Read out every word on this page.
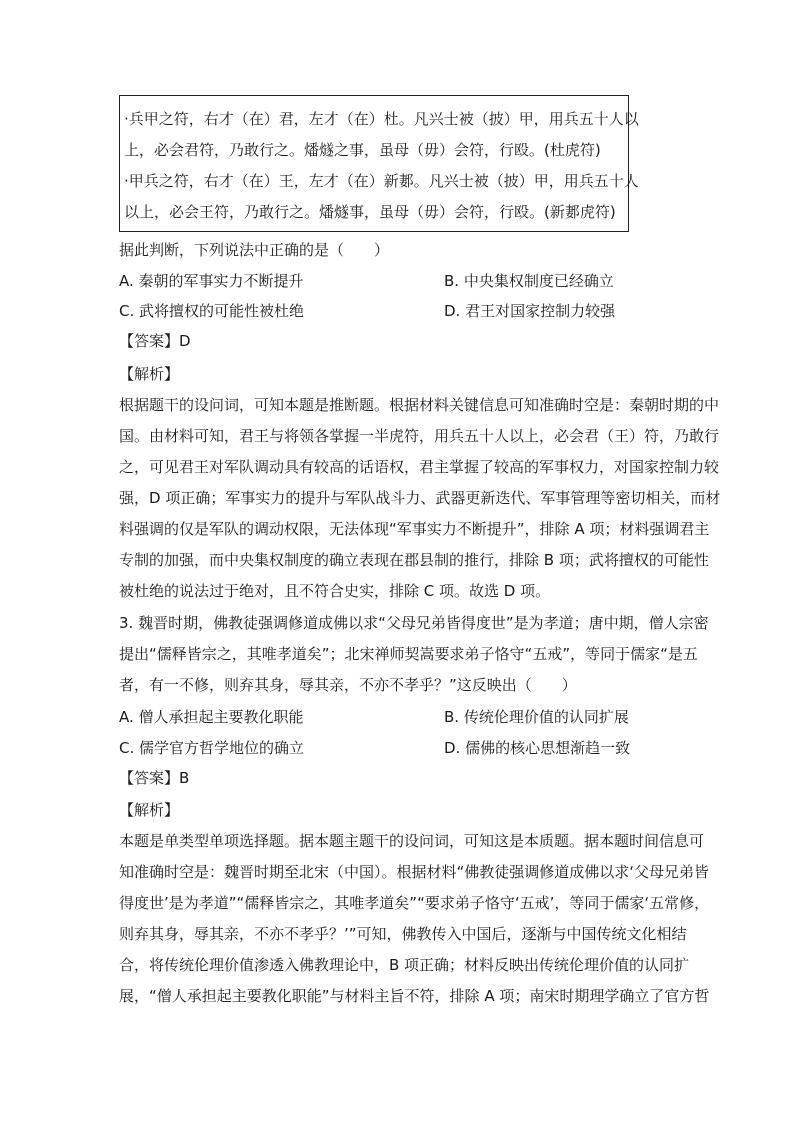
·兵甲之符，右才（在）君，左才（在）杜。凡兴士被（披）甲，用兵五十人以
上，必会君符，乃敢行之。燔燧之事，虽母（毋）会符，行殴。(杜虎符)
·甲兵之符，右才（在）王，左才（在）新郪。凡兴士被（披）甲，用兵五十人
以上，必会王符，乃敢行之。燔燧事，虽母（毋）会符，行殴。(新郪虎符)
据此判断，下列说法中正确的是（　　）
A. 秦朝的军事实力不断提升	B. 中央集权制度已经确立
C. 武将擅权的可能性被杜绝	D. 君王对国家控制力较强
【答案】D
【解析】
根据题干的设问词，可知本题是推断题。根据材料关键信息可知准确时空是：秦朝时期的中
国。由材料可知，君王与将领各掌握一半虎符，用兵五十人以上，必会君（王）符，乃敢行
之，可见君王对军队调动具有较高的话语权，君主掌握了较高的军事权力，对国家控制力较
强，D 项正确；军事实力的提升与军队战斗力、武器更新迭代、军事管理等密切相关，而材
料强调的仅是军队的调动权限，无法体现“军事实力不断提升”，排除 A 项；材料强调君主
专制的加强，而中央集权制度的确立表现在郡县制的推行，排除 B 项；武将擅权的可能性
被杜绝的说法过于绝对，且不符合史实，排除 C 项。故选 D 项。
3. 魏晋时期，佛教徒强调修道成佛以求“父母兄弟皆得度世”是为孝道；唐中期，僧人宗密
提出“儒释皆宗之，其唯孝道矣”；北宋禅师契嵩要求弟子恪守“五戒”，等同于儒家“是五
者，有一不修，则弃其身，辱其亲，不亦不孝乎？”这反映出（　　）
A. 僧人承担起主要教化职能	B. 传统伦理价值的认同扩展
C. 儒学官方哲学地位的确立	D. 儒佛的核心思想渐趋一致
【答案】B
【解析】
本题是单类型单项选择题。据本题主题干的设问词，可知这是本质题。据本题时间信息可
知准确时空是：魏晋时期至北宋（中国）。根据材料“佛教徒强调修道成佛以求‘父母兄弟皆
得度世’是为孝道”“儒释皆宗之，其唯孝道矣”“要求弟子恪守‘五戒’，等同于儒家‘五常修，
则弃其身，辱其亲，不亦不孝乎？’”可知，佛教传入中国后，逐渐与中国传统文化相结
合，将传统伦理价值渗透入佛教理论中，B 项正确；材料反映出传统伦理价值的认同扩
展，“僧人承担起主要教化职能”与材料主旨不符，排除 A 项；南宋时期理学确立了官方哲
